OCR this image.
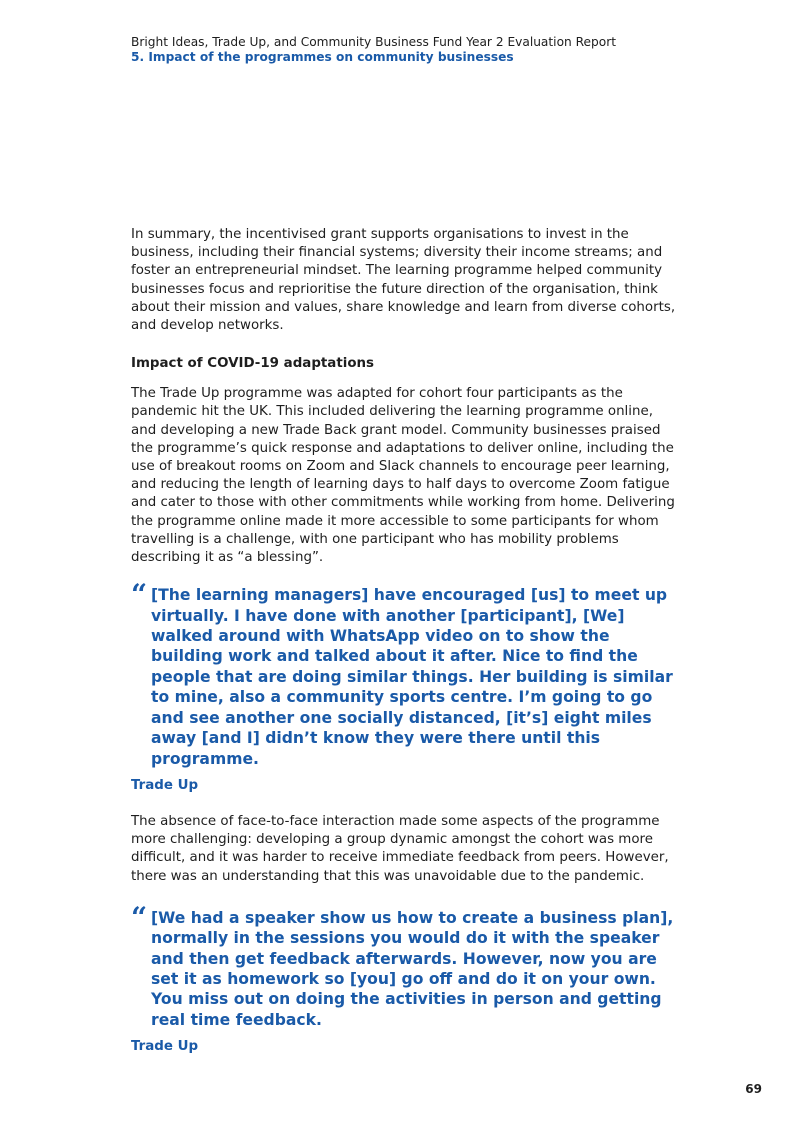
Bright Ideas, Trade Up, and Community Business Fund Year 2 Evaluation Report
5. Impact of the programmes on community businesses

In summary, the incentivised grant supports organisations to invest in the business, including their financial systems; diversity their income streams; and foster an entrepreneurial mindset. The learning programme helped community businesses focus and reprioritise the future direction of the organisation, think about their mission and values, share knowledge and learn from diverse cohorts, and develop networks.

Impact of COVID-19 adaptations

The Trade Up programme was adapted for cohort four participants as the pandemic hit the UK. This included delivering the learning programme online, and developing a new Trade Back grant model. Community businesses praised the programme’s quick response and adaptations to deliver online, including the use of breakout rooms on Zoom and Slack channels to encourage peer learning, and reducing the length of learning days to half days to overcome Zoom fatigue and cater to those with other commitments while working from home. Delivering the programme online made it more accessible to some participants for whom travelling is a challenge, with one participant who has mobility problems describing it as “a blessing”.

“ [The learning managers] have encouraged [us] to meet up virtually. I have done with another [participant], [We] walked around with WhatsApp video on to show the building work and talked about it after. Nice to find the people that are doing similar things. Her building is similar to mine, also a community sports centre. I’m going to go and see another one socially distanced, [it’s] eight miles away [and I] didn’t know they were there until this programme.

Trade Up

The absence of face-to-face interaction made some aspects of the programme more challenging: developing a group dynamic amongst the cohort was more difficult, and it was harder to receive immediate feedback from peers. However, there was an understanding that this was unavoidable due to the pandemic.

“ [We had a speaker show us how to create a business plan], normally in the sessions you would do it with the speaker and then get feedback afterwards. However, now you are set it as homework so [you] go off and do it on your own. You miss out on doing the activities in person and getting real time feedback.

Trade Up

69
